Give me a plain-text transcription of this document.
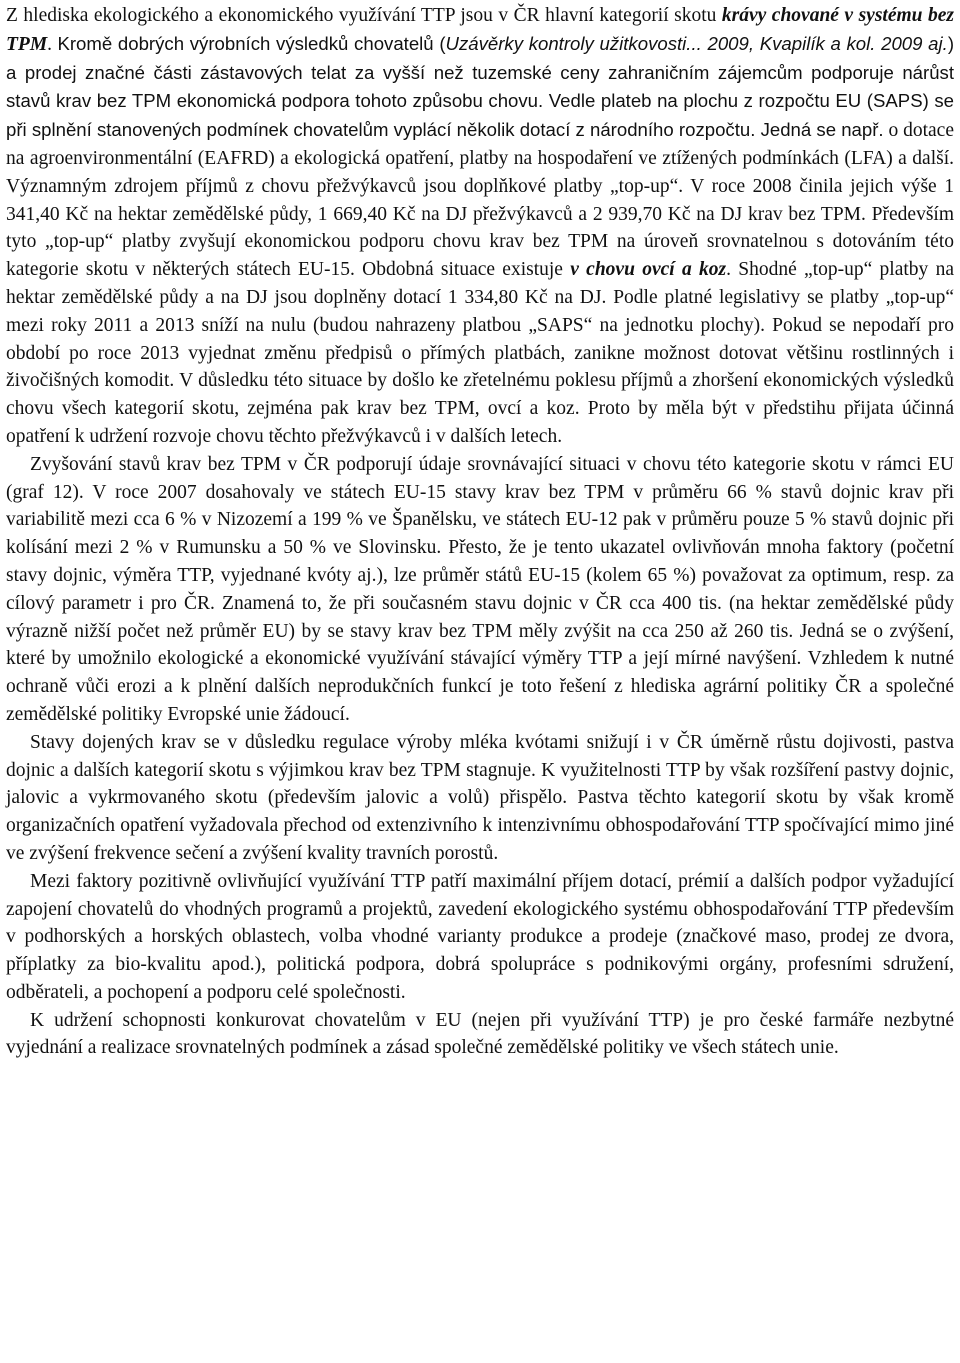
Z hlediska ekologického a ekonomického využívání TTP jsou v ČR hlavní kategorií skotu krávy chované v systému bez TPM. Kromě dobrých výrobních výsledků chovatelů (Uzávěrky kontroly užitkovosti... 2009, Kvapilík a kol. 2009 aj.) a prodej značné části zástavových telat za vyšší než tuzemské ceny zahraničním zájemcům podporuje nárůst stavů krav bez TPM ekonomická podpora tohoto způsobu chovu. Vedle plateb na plochu z rozpočtu EU (SAPS) se při splnění stanovených podmínek chovatelům vyplácí několik dotací z národního rozpočtu. Jedná se např. o dotace na agroenvironmentální (EAFRD) a ekologická opatření, platby na hospodaření ve ztížených podmínkách (LFA) a další. Významným zdrojem příjmů z chovu přežvýkavců jsou doplňkové platby „top-up“. V roce 2008 činila jejich výše 1 341,40 Kč na hektar zemědělské půdy, 1 669,40 Kč na DJ přežvýkavců a 2 939,70 Kč na DJ krav bez TPM. Především tyto „top-up“ platby zvyšují ekonomickou podporu chovu krav bez TPM na úroveň srovnatelnou s dotováním této kategorie skotu v některých státech EU-15. Obdobná situace existuje v chovu ovcí a koz. Shodné „top-up“ platby na hektar zemědělské půdy a na DJ jsou doplněny dotací 1 334,80 Kč na DJ. Podle platné legislativy se platby „top-up“ mezi roky 2011 a 2013 sníží na nulu (budou nahrazeny platbou „SAPS“ na jednotku plochy). Pokud se nepodaří pro období po roce 2013 vyjednat změnu předpisů o přímých platbách, zanikne možnost dotovat většinu rostlinných i živočišných komodit. V důsledku této situace by došlo ke zřetelnému poklesu příjmů a zhoršení ekonomických výsledků chovu všech kategorií skotu, zejména pak krav bez TPM, ovcí a koz. Proto by měla být v předstihu přijata účinná opatření k udržení rozvoje chovu těchto přežvýkavců i v dalších letech.

Zvyšování stavů krav bez TPM v ČR podporují údaje srovnávající situaci v chovu této kategorie skotu v rámci EU (graf 12). V roce 2007 dosahovaly ve státech EU-15 stavy krav bez TPM v průměru 66 % stavů dojnic krav při variabilitě mezi cca 6 % v Nizozemí a 199 % ve Španělsku, ve státech EU-12 pak v průměru pouze 5 % stavů dojnic při kolísání mezi 2 % v Rumunsku a 50 % ve Slovinsku. Přesto, že je tento ukazatel ovlivňován mnoha faktory (početní stavy dojnic, výměra TTP, vyjednané kvóty aj.), lze průměr států EU-15 (kolem 65 %) považovat za optimum, resp. za cílový parametr i pro ČR. Znamená to, že při současném stavu dojnic v ČR cca 400 tis. (na hektar zemědělské půdy výrazně nižší počet než průměr EU) by se stavy krav bez TPM měly zvýšit na cca 250 až 260 tis. Jedná se o zvýšení, které by umožnilo ekologické a ekonomické využívání stávající výměry TTP a její mírné navýšení. Vzhledem k nutné ochraně vůči erozi a k plnění dalších neprodukčních funkcí je toto řešení z hlediska agrární politiky ČR a společné zemědělské politiky Evropské unie žádoucí.

Stavy dojených krav se v důsledku regulace výroby mléka kvótami snižují i v ČR úměrně růstu dojivosti, pastva dojnic a dalších kategorií skotu s výjimkou krav bez TPM stagnuje. K využitelnosti TTP by však rozšíření pastvy dojnic, jalovic a vykrmovaného skotu (především jalovic a volů) přispělo. Pastva těchto kategorií skotu by však kromě organizačních opatření vyžadovala přechod od extenzivního k intenzivnímu obhospodařování TTP spočívající mimo jiné ve zvýšení frekvence sečení a zvýšení kvality travních porostů.

Mezi faktory pozitivně ovlivňující využívání TTP patří maximální příjem dotací, prémií a dalších podpor vyžadující zapojení chovatelů do vhodných programů a projektů, zavedení ekologického systému obhospodařování TTP především v podhorských a horských oblastech, volba vhodné varianty produkce a prodeje (značkové maso, prodej ze dvora, příplatky za bio-kvalitu apod.), politická podpora, dobrá spolupráce s podnikovými orgány, profesními sdružení, odběrateli, a pochopení a podporu celé společnosti.

K udržení schopnosti konkurovat chovatelům v EU (nejen při využívání TTP) je pro české farmáře nezbytné vyjednání a realizace srovnatelných podmínek a zásad společné zemědělské politiky ve všech státech unie.
